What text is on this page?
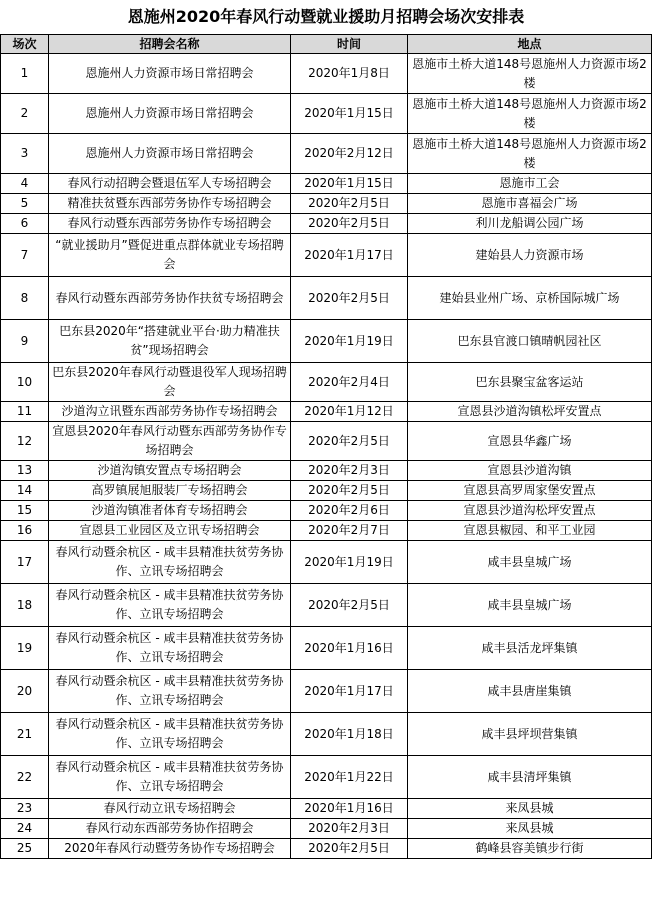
恩施州2020年春风行动暨就业援助月招聘会场次安排表
场次	招聘会名称	时间	地点
1	恩施州人力资源市场日常招聘会	2020年1月8日	恩施市土桥大道148号恩施州人力资源市场2楼
2	恩施州人力资源市场日常招聘会	2020年1月15日	恩施市土桥大道148号恩施州人力资源市场2楼
3	恩施州人力资源市场日常招聘会	2020年2月12日	恩施市土桥大道148号恩施州人力资源市场2楼
4	春风行动招聘会暨退伍军人专场招聘会	2020年1月15日	恩施市工会
5	精准扶贫暨东西部劳务协作专场招聘会	2020年2月5日	恩施市喜福会广场
6	春风行动暨东西部劳务协作专场招聘会	2020年2月5日	利川龙船调公园广场
7	“就业援助月”暨促进重点群体就业专场招聘会	2020年1月17日	建始县人力资源市场
8	春风行动暨东西部劳务协作扶贫专场招聘会	2020年2月5日	建始县业州广场、京桥国际城广场
9	巴东县2020年“搭建就业平台·助力精准扶贫”现场招聘会	2020年1月19日	巴东县官渡口镇晴帆园社区
10	巴东县2020年春风行动暨退役军人现场招聘会	2020年2月4日	巴东县聚宝盆客运站
11	沙道沟立讯暨东西部劳务协作专场招聘会	2020年1月12日	宣恩县沙道沟镇松坪安置点
12	宣恩县2020年春风行动暨东西部劳务协作专场招聘会	2020年2月5日	宣恩县华鑫广场
13	沙道沟镇安置点专场招聘会	2020年2月3日	宣恩县沙道沟镇
14	高罗镇展旭服装厂专场招聘会	2020年2月5日	宣恩县高罗周家堡安置点
15	沙道沟镇准者体育专场招聘会	2020年2月6日	宣恩县沙道沟松坪安置点
16	宣恩县工业园区及立讯专场招聘会	2020年2月7日	宣恩县椒园、和平工业园
17	春风行动暨余杭区 - 咸丰县精准扶贫劳务协作、立讯专场招聘会	2020年1月19日	咸丰县皇城广场
18	春风行动暨余杭区 - 咸丰县精准扶贫劳务协作、立讯专场招聘会	2020年2月5日	咸丰县皇城广场
19	春风行动暨余杭区 - 咸丰县精准扶贫劳务协作、立讯专场招聘会	2020年1月16日	咸丰县活龙坪集镇
20	春风行动暨余杭区 - 咸丰县精准扶贫劳务协作、立讯专场招聘会	2020年1月17日	咸丰县唐崖集镇
21	春风行动暨余杭区 - 咸丰县精准扶贫劳务协作、立讯专场招聘会	2020年1月18日	咸丰县坪坝营集镇
22	春风行动暨余杭区 - 咸丰县精准扶贫劳务协作、立讯专场招聘会	2020年1月22日	咸丰县清坪集镇
23	春风行动立讯专场招聘会	2020年1月16日	来凤县城
24	春风行动东西部劳务协作招聘会	2020年2月3日	来凤县城
25	2020年春风行动暨劳务协作专场招聘会	2020年2月5日	鹤峰县容美镇步行街
